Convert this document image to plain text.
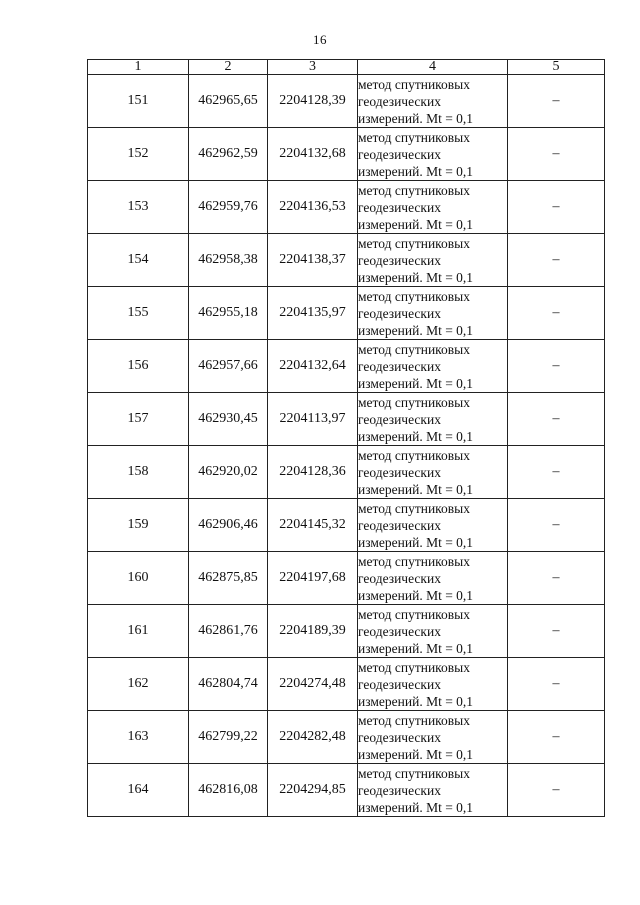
16
1	2	3	4	5
151	462965,65	2204128,39	метод спутниковых
геодезических
измерений. Mt = 0,1	–
152	462962,59	2204132,68	метод спутниковых
геодезических
измерений. Mt = 0,1	–
153	462959,76	2204136,53	метод спутниковых
геодезических
измерений. Mt = 0,1	–
154	462958,38	2204138,37	метод спутниковых
геодезических
измерений. Mt = 0,1	–
155	462955,18	2204135,97	метод спутниковых
геодезических
измерений. Mt = 0,1	–
156	462957,66	2204132,64	метод спутниковых
геодезических
измерений. Mt = 0,1	–
157	462930,45	2204113,97	метод спутниковых
геодезических
измерений. Mt = 0,1	–
158	462920,02	2204128,36	метод спутниковых
геодезических
измерений. Mt = 0,1	–
159	462906,46	2204145,32	метод спутниковых
геодезических
измерений. Mt = 0,1	–
160	462875,85	2204197,68	метод спутниковых
геодезических
измерений. Mt = 0,1	–
161	462861,76	2204189,39	метод спутниковых
геодезических
измерений. Mt = 0,1	–
162	462804,74	2204274,48	метод спутниковых
геодезических
измерений. Mt = 0,1	–
163	462799,22	2204282,48	метод спутниковых
геодезических
измерений. Mt = 0,1	–
164	462816,08	2204294,85	метод спутниковых
геодезических
измерений. Mt = 0,1	–
